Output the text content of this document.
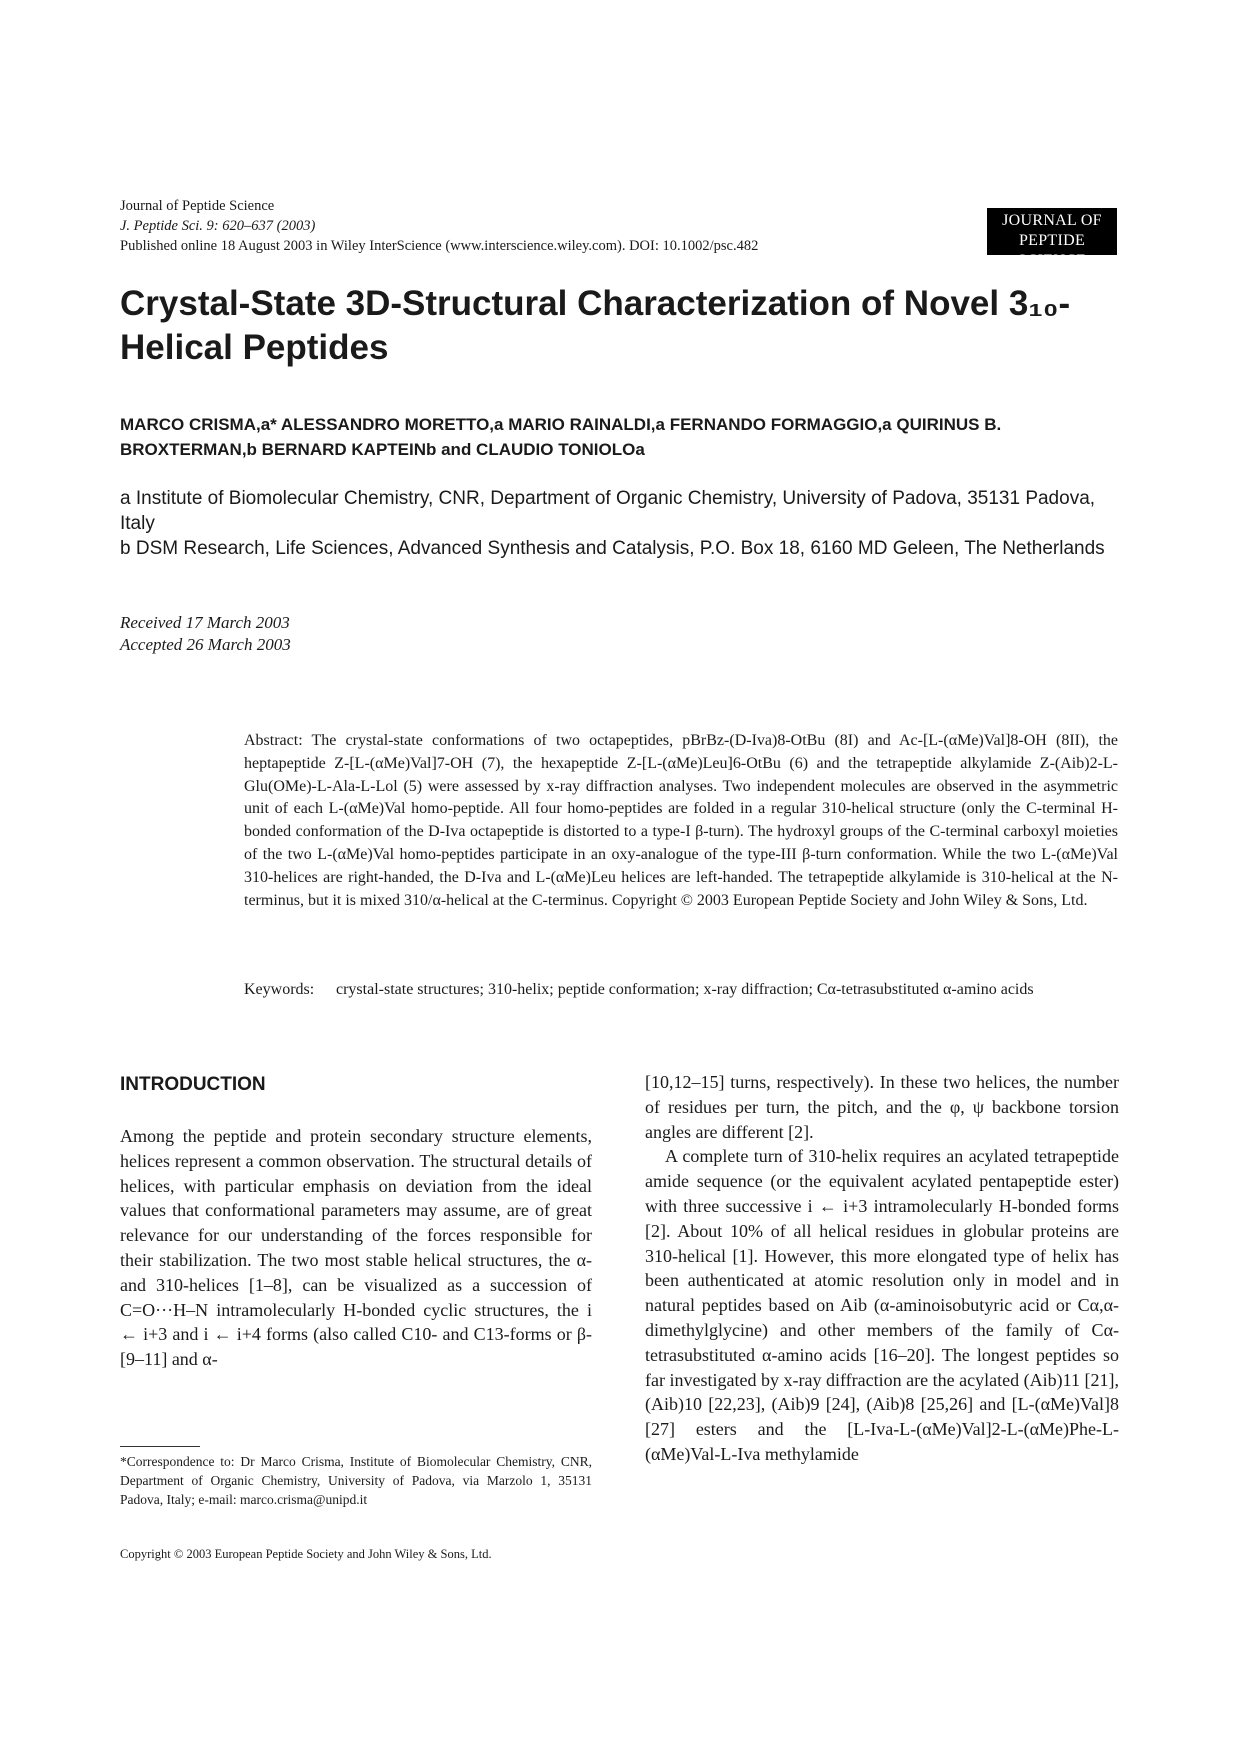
Journal of Peptide Science
J. Peptide Sci. 9: 620–637 (2003)
Published online 18 August 2003 in Wiley InterScience (www.interscience.wiley.com). DOI: 10.1002/psc.482
JOURNAL OF
PEPTIDE SCIENCE
Crystal-State 3D-Structural Characterization of Novel 3₁₀-Helical Peptides
MARCO CRISMA,a* ALESSANDRO MORETTO,a MARIO RAINALDI,a FERNANDO FORMAGGIO,a QUIRINUS B. BROXTERMAN,b BERNARD KAPTEINb and CLAUDIO TONIOLOa

a Institute of Biomolecular Chemistry, CNR, Department of Organic Chemistry, University of Padova, 35131 Padova, Italy

b DSM Research, Life Sciences, Advanced Synthesis and Catalysis, P.O. Box 18, 6160 MD Geleen, The Netherlands

Received 17 March 2003
Accepted 26 March 2003
Abstract: The crystal-state conformations of two octapeptides, pBrBz-(D-Iva)8-OtBu (8I) and Ac-[L-(αMe)Val]8-OH (8II), the heptapeptide Z-[L-(αMe)Val]7-OH (7), the hexapeptide Z-[L-(αMe)Leu]6-OtBu (6) and the tetrapeptide alkylamide Z-(Aib)2-L-Glu(OMe)-L-Ala-L-Lol (5) were assessed by x-ray diffraction analyses. Two independent molecules are observed in the asymmetric unit of each L-(αMe)Val homo-peptide. All four homo-peptides are folded in a regular 310-helical structure (only the C-terminal H-bonded conformation of the D-Iva octapeptide is distorted to a type-I β-turn). The hydroxyl groups of the C-terminal carboxyl moieties of the two L-(αMe)Val homo-peptides participate in an oxy-analogue of the type-III β-turn conformation. While the two L-(αMe)Val 310-helices are right-handed, the D-Iva and L-(αMe)Leu helices are left-handed. The tetrapeptide alkylamide is 310-helical at the N-terminus, but it is mixed 310/α-helical at the C-terminus. Copyright © 2003 European Peptide Society and John Wiley & Sons, Ltd.
Keywords: crystal-state structures; 310-helix; peptide conformation; x-ray diffraction; Cα-tetrasubstituted α-amino acids
INTRODUCTION
Among the peptide and protein secondary structure elements, helices represent a common observation. The structural details of helices, with particular emphasis on deviation from the ideal values that conformational parameters may assume, are of great relevance for our understanding of the forces responsible for their stabilization. The two most stable helical structures, the α- and 310-helices [1–8], can be visualized as a succession of C=O···H–N intramolecularly H-bonded cyclic structures, the i ← i+3 and i ← i+4 forms (also called C10- and C13-forms or β- [9–11] and α-

[10,12–15] turns, respectively). In these two helices, the number of residues per turn, the pitch, and the φ, ψ backbone torsion angles are different [2].

A complete turn of 310-helix requires an acylated tetrapeptide amide sequence (or the equivalent acylated pentapeptide ester) with three successive i ← i+3 intramolecularly H-bonded forms [2]. About 10% of all helical residues in globular proteins are 310-helical [1]. However, this more elongated type of helix has been authenticated at atomic resolution only in model and in natural peptides based on Aib (α-aminoisobutyric acid or Cα,α-dimethylglycine) and other members of the family of Cα-tetrasubstituted α-amino acids [16–20]. The longest peptides so far investigated by x-ray diffraction are the acylated (Aib)11 [21], (Aib)10 [22,23], (Aib)9 [24], (Aib)8 [25,26] and [L-(αMe)Val]8 [27] esters and the [L-Iva-L-(αMe)Val]2-L-(αMe)Phe-L-(αMe)Val-L-Iva methylamide

*Correspondence to: Dr Marco Crisma, Institute of Biomolecular Chemistry, CNR, Department of Organic Chemistry, University of Padova, via Marzolo 1, 35131 Padova, Italy; e-mail: marco.crisma@unipd.it
Copyright © 2003 European Peptide Society and John Wiley & Sons, Ltd.
